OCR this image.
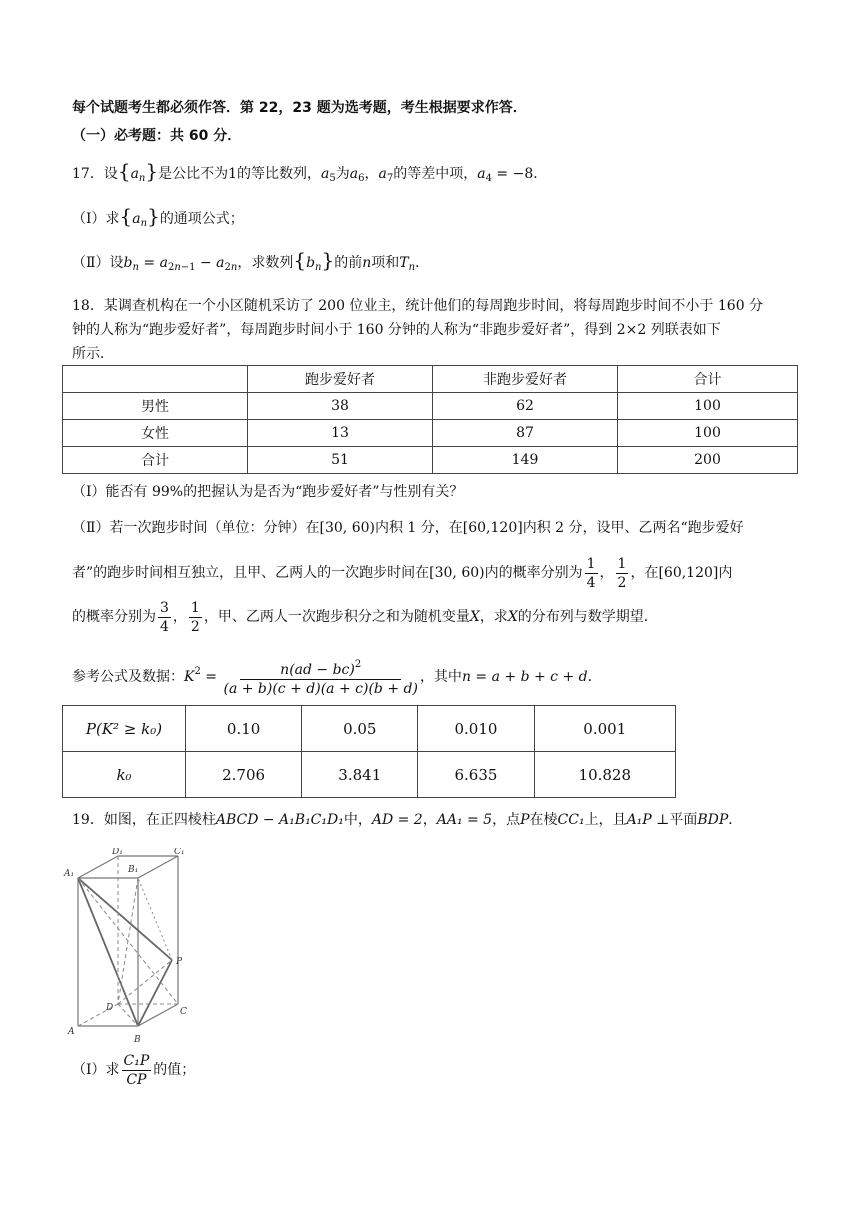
每个试题考生都必须作答．第 22，23 题为选考题，考生根据要求作答．
（一）必考题：共 60 分．
17．设$\{a_n\}$是公比不为1的等比数列，$a_5$为$a_6$，$a_7$的等差中项，$a_4 = -8$．
（Ⅰ）求$\{a_n\}$的通项公式；
（Ⅱ）设$b_n = a_{2n-1} - a_{2n}$，求数列$\{b_n\}$的前n项和$T_n$．
18．某调查机构在一个小区随机采访了 200 位业主，统计他们的每周跑步时间，将每周跑步时间不小于 160 分
钟的人称为“跑步爱好者”，每周跑步时间小于 160 分钟的人称为“非跑步爱好者”，得到 2×2 列联表如下
所示．
	跑步爱好者	非跑步爱好者	合计
男性	38	62	100
女性	13	87	100
合计	51	149	200
（Ⅰ）能否有 99%的把握认为是否为“跑步爱好者”与性别有关？
（Ⅱ）若一次跑步时间（单位：分钟）在[30, 60)内积 1 分，在[60,120]内积 2 分，设甲、乙两名“跑步爱好
者”的跑步时间相互独立，且甲、乙两人的一次跑步时间在[30, 60)内的概率分别为 $\frac{1}{4}$ ， $\frac{1}{2}$ ，在[60,120]内
的概率分别为 $\frac{3}{4}$ ， $\frac{1}{2}$ ，甲、乙两人一次跑步积分之和为随机变量X，求X的分布列与数学期望．
参考公式及数据：$K^2 = \frac{n(ad - bc)^2}{(a + b)(c + d)(a + c)(b + d)}$ ，其中n = a + b + c + d．
P(K² ≥ k₀)	0.10	0.05	0.010	0.001
k₀	2.706	3.841	6.635	10.828
19．如图，在正四棱柱ABCD − A₁B₁C₁D₁中，AD = 2，AA₁ = 5，点P在棱CC₁上，且A₁P ⊥平面BDP．
A₁	B₁
C₁
D₁
A
B
C
D
P
（Ⅰ）求 $\frac{\text{C₁P}}{CP}$ 的值；
